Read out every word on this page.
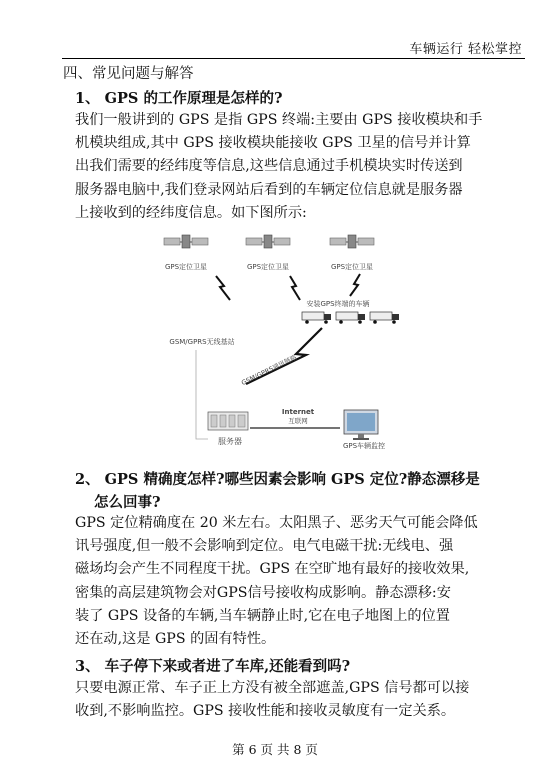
车辆运行 轻松掌控
四、常见问题与解答
1、 GPS 的工作原理是怎样的?
我们一般讲到的 GPS 是指 GPS 终端:主要由 GPS 接收模块和手
机模块组成,其中 GPS 接收模块能接收 GPS 卫星的信号并计算
出我们需要的经纬度等信息,这些信息通过手机模块实时传送到
服务器电脑中,我们登录网站后看到的车辆定位信息就是服务器
上接收到的经纬度信息。如下图所示:
GPS定位卫星	GPS定位卫星	GPS定位卫星
安装GPS终端的车辆
GSM/GPRS无线基站
GSM/GPRS通讯链路
服务器
Internet
互联网
GPS车辆监控
2、 GPS 精确度怎样?哪些因素会影响 GPS 定位?静态漂移是
怎么回事?
GPS 定位精确度在 20 米左右。太阳黑子、恶劣天气可能会降低
讯号强度,但一般不会影响到定位。电气电磁干扰:无线电、强
磁场均会产生不同程度干扰。GPS 在空旷地有最好的接收效果,
密集的高层建筑物会对GPS信号接收构成影响。静态漂移:安
装了 GPS 设备的车辆,当车辆静止时,它在电子地图上的位置
还在动,这是 GPS 的固有特性。
3、 车子停下来或者进了车库,还能看到吗?
只要电源正常、车子正上方没有被全部遮盖,GPS 信号都可以接
收到,不影响监控。GPS 接收性能和接收灵敏度有一定关系。
第 6 页 共 8 页
